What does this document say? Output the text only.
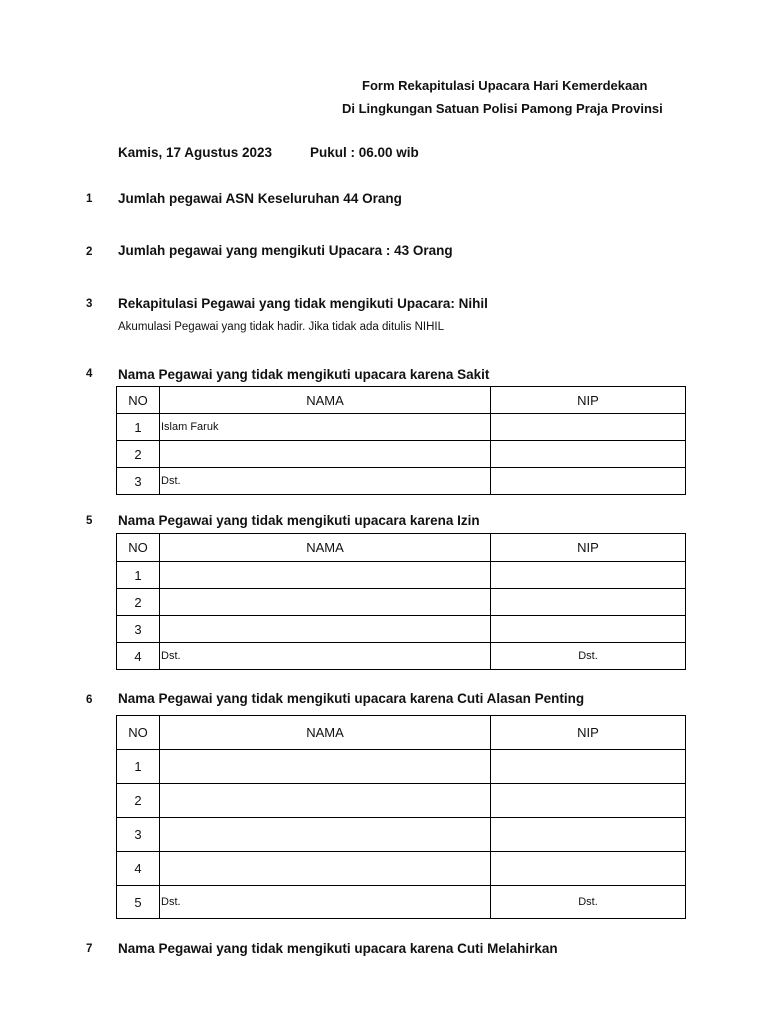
Form Rekapitulasi Upacara Hari Kemerdekaan
Di Lingkungan Satuan Polisi Pamong Praja Provinsi
Kamis, 17 Agustus 2023	Pukul : 06.00 wib
1 Jumlah pegawai ASN Keseluruhan 44 Orang
2 Jumlah pegawai yang mengikuti Upacara : 43 Orang
3 Rekapitulasi Pegawai yang tidak mengikuti Upacara: Nihil
Akumulasi Pegawai yang tidak hadir. Jika tidak ada ditulis NIHIL
4 Nama Pegawai yang tidak mengikuti upacara karena Sakit
NO	NAMA	NIP
1	Islam Faruk	
2		
3	Dst.	
5 Nama Pegawai yang tidak mengikuti upacara karena Izin
NO	NAMA	NIP
1		
2		
3		
4	Dst.	Dst.
6 Nama Pegawai yang tidak mengikuti upacara karena Cuti Alasan Penting
NO	NAMA	NIP
1		
2		
3		
4		
5	Dst.	Dst.
7 Nama Pegawai yang tidak mengikuti upacara karena Cuti Melahirkan
